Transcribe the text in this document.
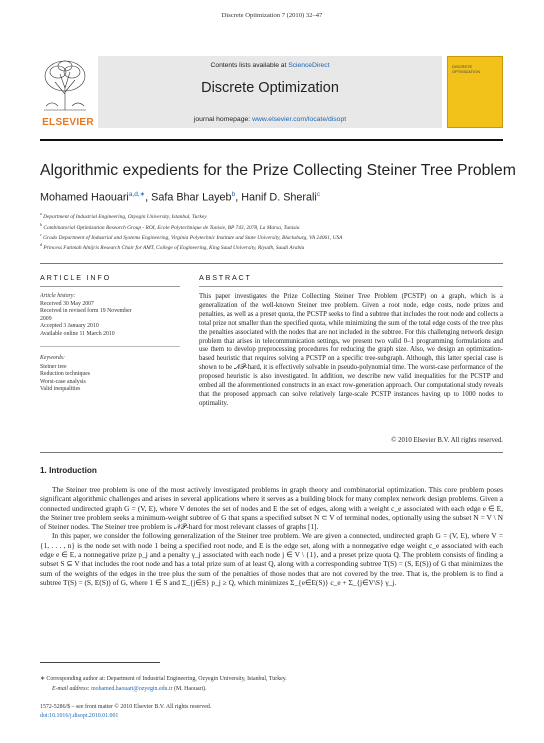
Discrete Optimization 7 (2010) 32–47
ELSEVIER
Contents lists available at ScienceDirect
Discrete Optimization
journal homepage: www.elsevier.com/locate/disopt
DISCRETE OPTIMIZATION
Algorithmic expedients for the Prize Collecting Steiner Tree Problem
Mohamed Haouari$^{a,d,∗}$, Safa Bhar Layeb$^b$, Hanif D. Sherali$^c$
$^a$ Department of Industrial Engineering, Ozyegin University, Istanbul, Turkey
$^b$ Combinatorial Optimization Research Group - ROI, Ecole Polytechnique de Tunisie, BP 743, 2078, La Marsa, Tunisia
$^c$ Grado Department of Industrial and Systems Engineering, Virginia Polytechnic Institute and State University, Blacksburg, VA 24061, USA
$^d$ Princess Fatimah Alnijris Research Chair for AMT, College of Engineering, King Saud University, Riyadh, Saudi Arabia
ARTICLE INFO	ABSTRACT
Article history:
Received 30 May 2007
Received in revised form 19 November
2009
Accepted 3 January 2010
Available online 11 March 2010
Keywords:
Steiner tree
Reduction techniques
Worst-case analysis
Valid inequalities
This paper investigates the Prize Collecting Steiner Tree Problem (PCSTP) on a graph, which is a generalization of the well-known Steiner tree problem. Given a root node, edge costs, node prizes and penalties, as well as a preset quota, the PCSTP seeks to find a subtree that includes the root node and collects a total prize not smaller than the specified quota, while minimizing the sum of the total edge costs of the tree plus the penalties associated with the nodes that are not included in the subtree. For this challenging network design problem that arises in telecommunication settings, we present two valid 0–1 programming formulations and use them to develop preprocessing procedures for reducing the graph size. Also, we design an optimization-based heuristic that requires solving a PCSTP on a specific tree-subgraph. Although, this latter special case is shown to be 𝒩𝒫-hard, it is effectively solvable in pseudo-polynomial time. The worst-case performance of the proposed heuristic is also investigated. In addition, we describe new valid inequalities for the PCSTP and embed all the aforementioned constructs in an exact row-generation approach. Our computational study reveals that the proposed approach can solve relatively large-scale PCSTP instances having up to 1000 nodes to optimality.
© 2010 Elsevier B.V. All rights reserved.
1. Introduction

The Steiner tree problem is one of the most actively investigated problems in graph theory and combinatorial optimization. This core problem poses significant algorithmic challenges and arises in several applications where it serves as a building block for many complex network design problems. Given a connected undirected graph G = (V, E), where V denotes the set of nodes and E the set of edges, along with a weight c_e associated with each edge e ∈ E, the Steiner tree problem seeks a minimum-weight subtree of G that spans a specified subset N ⊂ V of terminal nodes, optionally using the subset N = V \ N of Steiner nodes. The Steiner tree problem is 𝒩𝒫-hard for most relevant classes of graphs [1].

In this paper, we consider the following generalization of the Steiner tree problem. We are given a connected, undirected graph G = (V, E), where V = {1, . . . , n} is the node set with node 1 being a specified root node, and E is the edge set, along with a nonnegative edge weight c_e associated with each edge e ∈ E, a nonnegative prize p_j and a penalty γ_j associated with each node j ∈ V \ {1}, and a preset prize quota Q. The problem consists of finding a subset S ⊆ V that includes the root node and has a total prize sum of at least Q, along with a corresponding subtree T(S) = (S, E(S)) of G that minimizes the sum of the weights of the edges in the tree plus the sum of the penalties of those nodes that are not covered by the tree. That is, the problem is to find a subtree T(S) = (S, E(S)) of G, where 1 ∈ S and Σ_{j∈S} p_j ≥ Q, which minimizes Σ_{e∈E(S)} c_e + Σ_{j∈V\S} γ_j.

∗ Corresponding author at: Department of Industrial Engineering, Ozyegin University, Istanbul, Turkey.
E-mail address: mohamed.haouari@ozyegin.edu.tr (M. Haouari).
1572-5286/$ – see front matter © 2010 Elsevier B.V. All rights reserved.
doi:10.1016/j.disopt.2010.01.001
